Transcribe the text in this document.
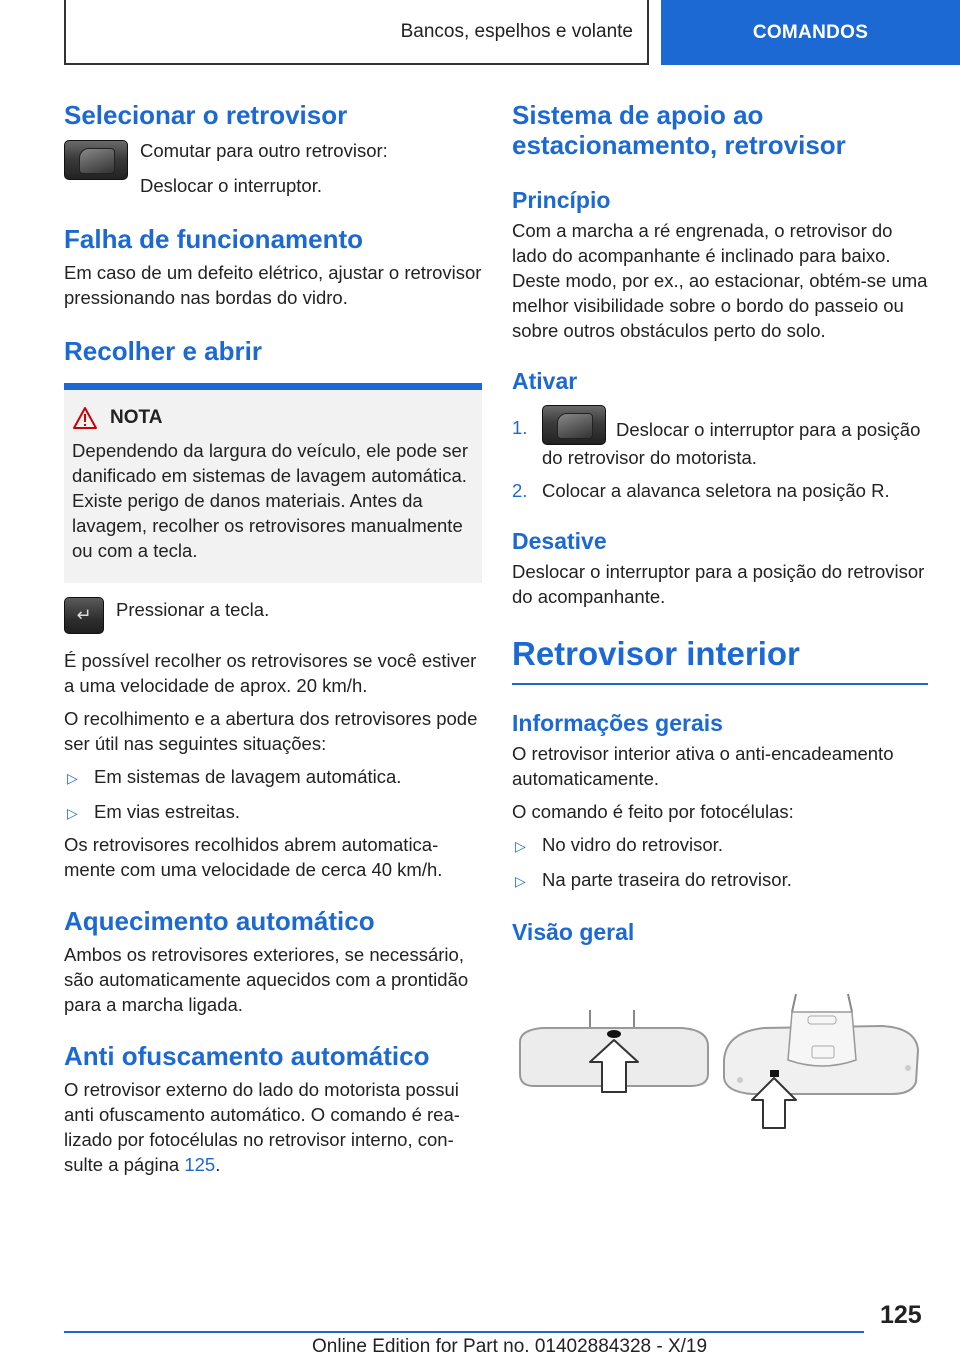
Bancos, espelhos e volante	COMANDOS
Selecionar o retrovisor
Comutar para outro retrovisor:
Deslocar o interruptor.
Falha de funcionamento
Em caso de um defeito elétrico, ajustar o retrovisor pressionando nas bordas do vidro.
Recolher e abrir
NOTA
Dependendo da largura do veículo, ele pode ser danificado em sistemas de lavagem automática. Existe perigo de danos materiais. Antes da lavagem, recolher os retrovisores manualmente ou com a tecla.
↵	Pressionar a tecla.
É possível recolher os retrovisores se você estiver a uma velocidade de aprox. 20 km/h.
O recolhimento e a abertura dos retrovisores pode ser útil nas seguintes situações:
▷ Em sistemas de lavagem automática.
▷ Em vias estreitas.
Os retrovisores recolhidos abrem automaticamente com uma velocidade de cerca 40 km/h.
Aquecimento automático
Ambos os retrovisores exteriores, se necessário, são automaticamente aquecidos com a prontidão para a marcha ligada.
Anti ofuscamento automático
O retrovisor externo do lado do motorista possui anti ofuscamento automático. O comando é realizado por fotocélulas no retrovisor interno, consulte a página 125.
Sistema de apoio ao
estacionamento, retrovisor
Princípio
Com a marcha a ré engrenada, o retrovisor do lado do acompanhante é inclinado para baixo. Deste modo, por ex., ao estacionar, obtém-se uma melhor visibilidade sobre o bordo do passeio ou sobre outros obstáculos perto do solo.
Ativar
1.	Deslocar o interruptor para a posição
do retrovisor do motorista.
2. Colocar a alavanca seletora na posição R.
Desative
Deslocar o interruptor para a posição do retrovisor do acompanhante.
Retrovisor interior
Informações gerais
O retrovisor interior ativa o anti-encadeamento automaticamente.
O comando é feito por fotocélulas:
▷ No vidro do retrovisor.
▷ Na parte traseira do retrovisor.
Visão geral
125
Online Edition for Part no. 01402884328 - X/19
